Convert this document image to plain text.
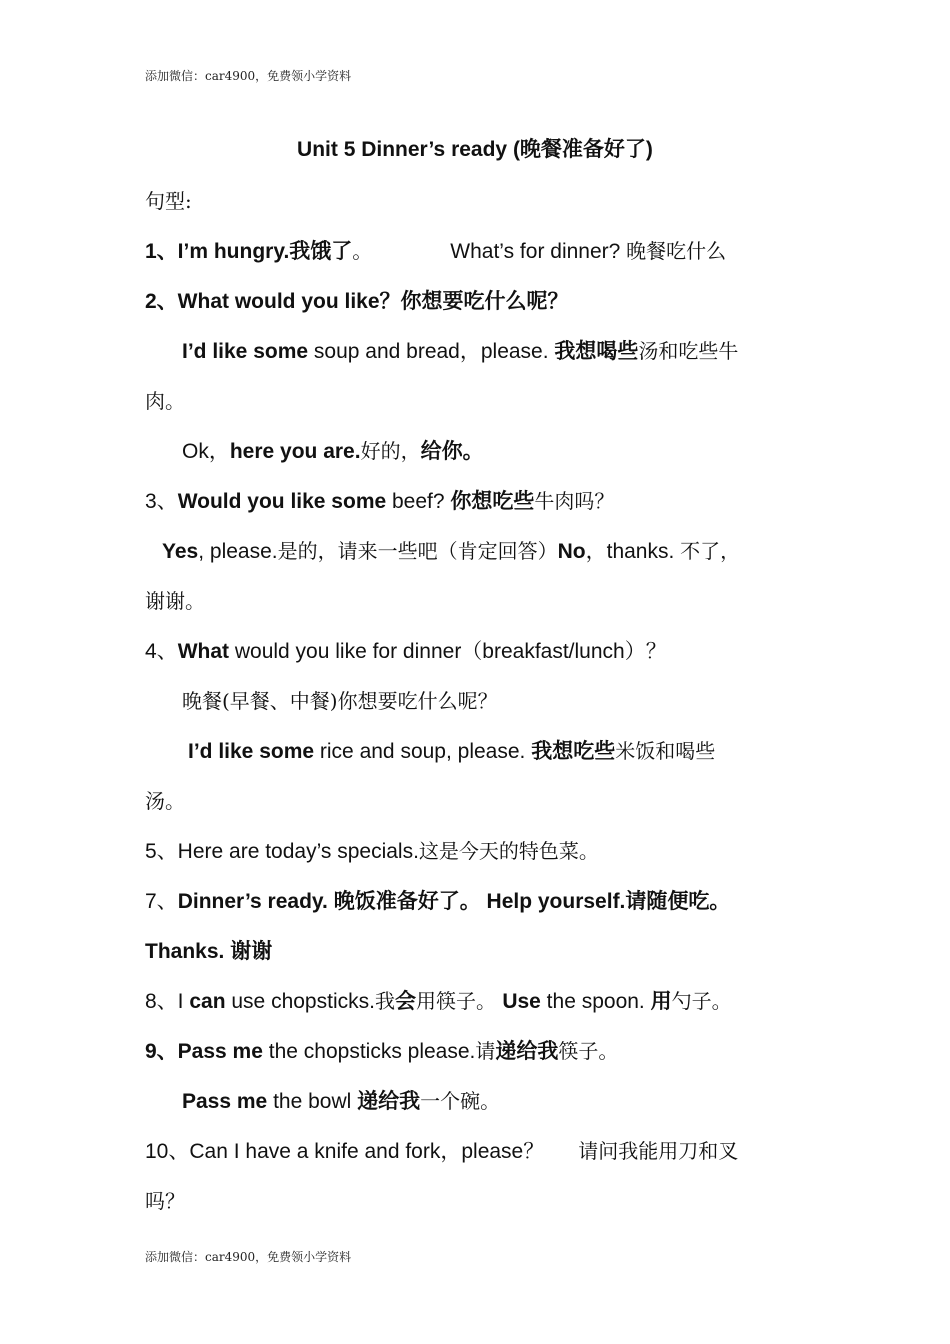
添加微信：car4900，免费领小学资料
Unit 5 Dinner’s ready (晚餐准备好了)
句型:
1、I’m hungry.我饿了。	What’s for dinner? 晚餐吃什么
2、What would you like？你想要吃什么呢？
I’d like some soup and bread，please. 我想喝些汤和吃些牛
肉。
Ok，here you are.好的，给你。
3、Would you like some beef? 你想吃些牛肉吗？
Yes, please.是的，请来一些吧（肯定回答）No，thanks. 不了，
谢谢。
4、What would you like for dinner（breakfast/lunch）？
晚餐(早餐、中餐)你想要吃什么呢？
I’d like some rice and soup, please. 我想吃些米饭和喝些
汤。
5、Here are today’s specials.这是今天的特色菜。
7、Dinner’s ready. 晚饭准备好了。 Help yourself.请随便吃。
Thanks. 谢谢
8、I can use chopsticks.我会用筷子。 Use the spoon. 用勺子。
9、Pass me the chopsticks please.请递给我筷子。
Pass me the bowl 递给我一个碗。
10、Can I have a knife and fork，please？ 请问我能用刀和叉
吗？
添加微信：car4900，免费领小学资料
